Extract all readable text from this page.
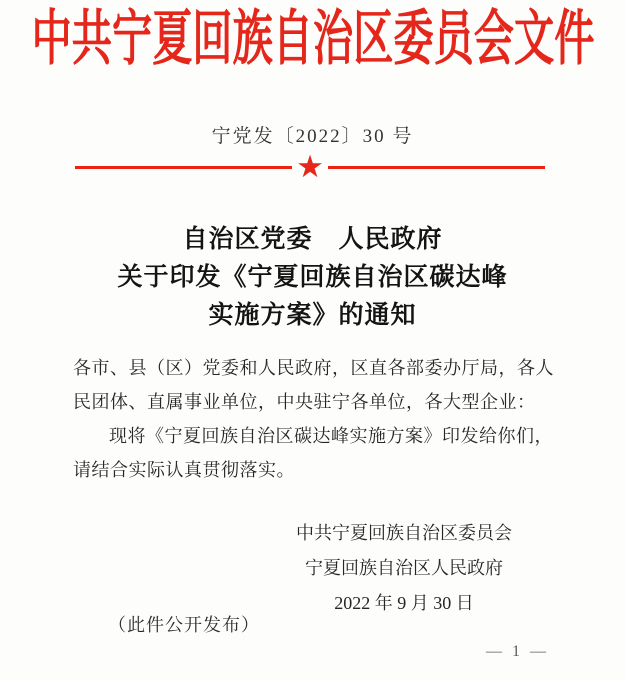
中共宁夏回族自治区委员会文件
宁党发〔2022〕30 号
★
自治区党委　人民政府
关于印发《宁夏回族自治区碳达峰
实施方案》的通知
各市、县（区）党委和人民政府，区直各部委办厅局，各人
民团体、直属事业单位，中央驻宁各单位，各大型企业：
现将《宁夏回族自治区碳达峰实施方案》印发给你们，
请结合实际认真贯彻落实。
中共宁夏回族自治区委员会
宁夏回族自治区人民政府
2022 年 9 月 30 日
（此件公开发布）
— 1 —
